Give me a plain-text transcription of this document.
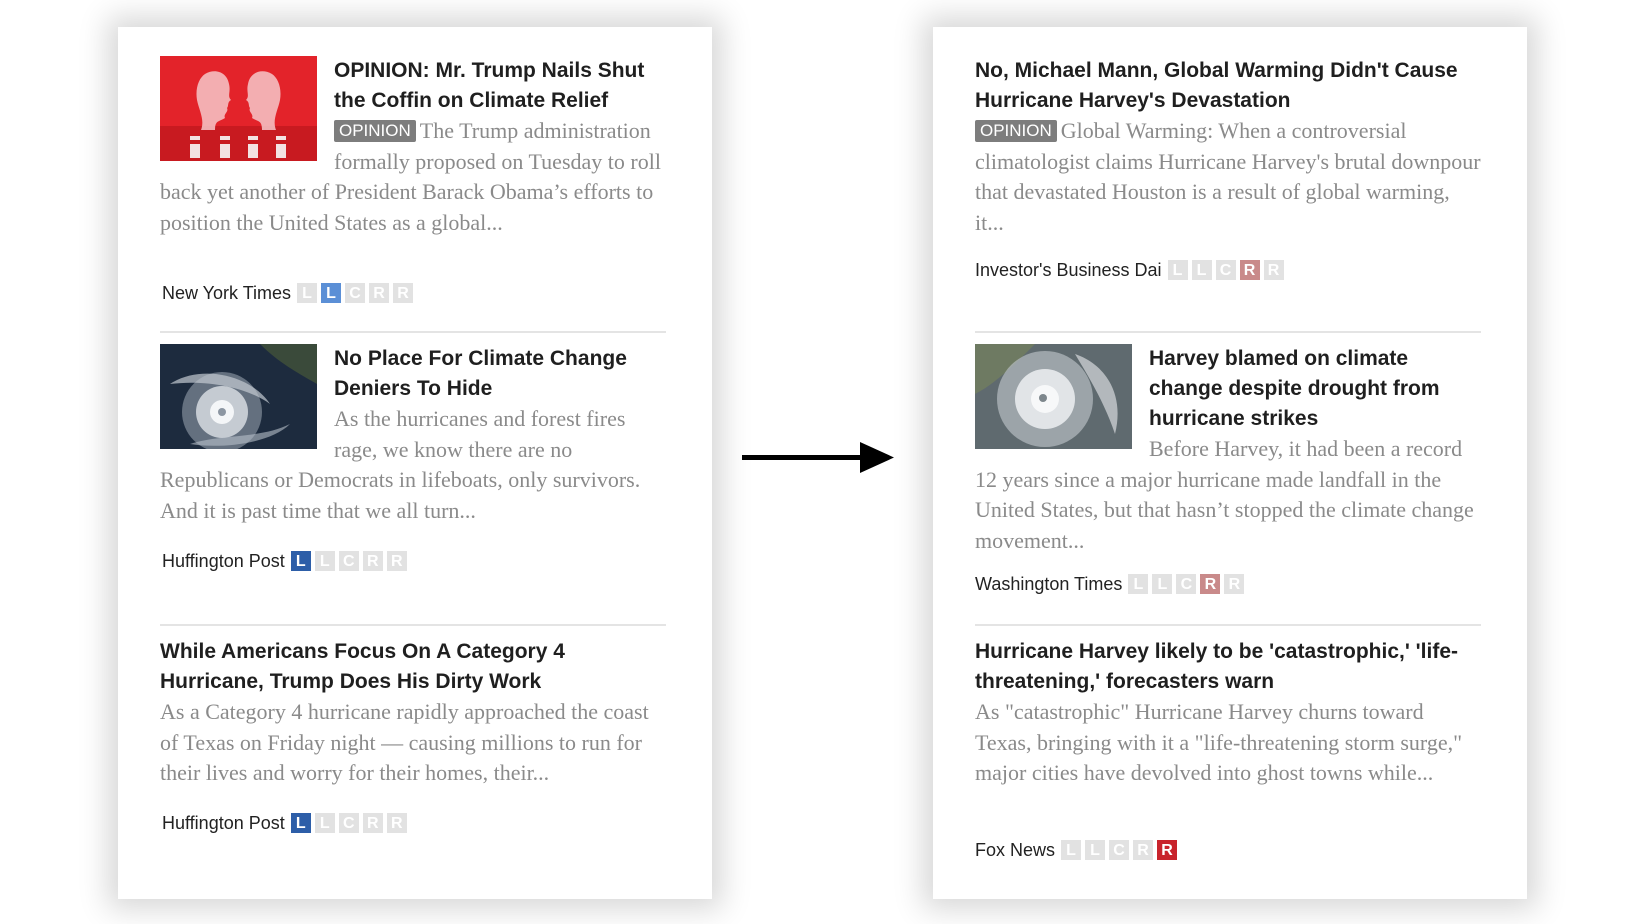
OPINION: Mr. Trump Nails Shut the Coffin on Climate Relief

OPINION The Trump administration formally proposed on Tuesday to roll back yet another of President Barack Obama’s efforts to position the United States as a global...

New York Times L L C R R

No Place For Climate Change Deniers To Hide

As the hurricanes and forest fires rage, we know there are no Republicans or Democrats in lifeboats, only survivors. And it is past time that we all turn...

Huffington Post L L C R R

While Americans Focus On A Category 4 Hurricane, Trump Does His Dirty Work

As a Category 4 hurricane rapidly approached the coast of Texas on Friday night — causing millions to run for their lives and worry for their homes, their...

Huffington Post L L C R R

No, Michael Mann, Global Warming Didn't Cause Hurricane Harvey's Devastation

OPINION Global Warming: When a controversial climatologist claims Hurricane Harvey's brutal downpour that devastated Houston is a result of global warming, it...

Investor's Business Dai L L C R R

Harvey blamed on climate change despite drought from hurricane strikes

Before Harvey, it had been a record 12 years since a major hurricane made landfall in the United States, but that hasn’t stopped the climate change movement...

Washington Times L L C R R

Hurricane Harvey likely to be 'catastrophic,' 'life-threatening,' forecasters warn

As "catastrophic" Hurricane Harvey churns toward Texas, bringing with it a "life-threatening storm surge," major cities have devolved into ghost towns while...

Fox News L L C R R
